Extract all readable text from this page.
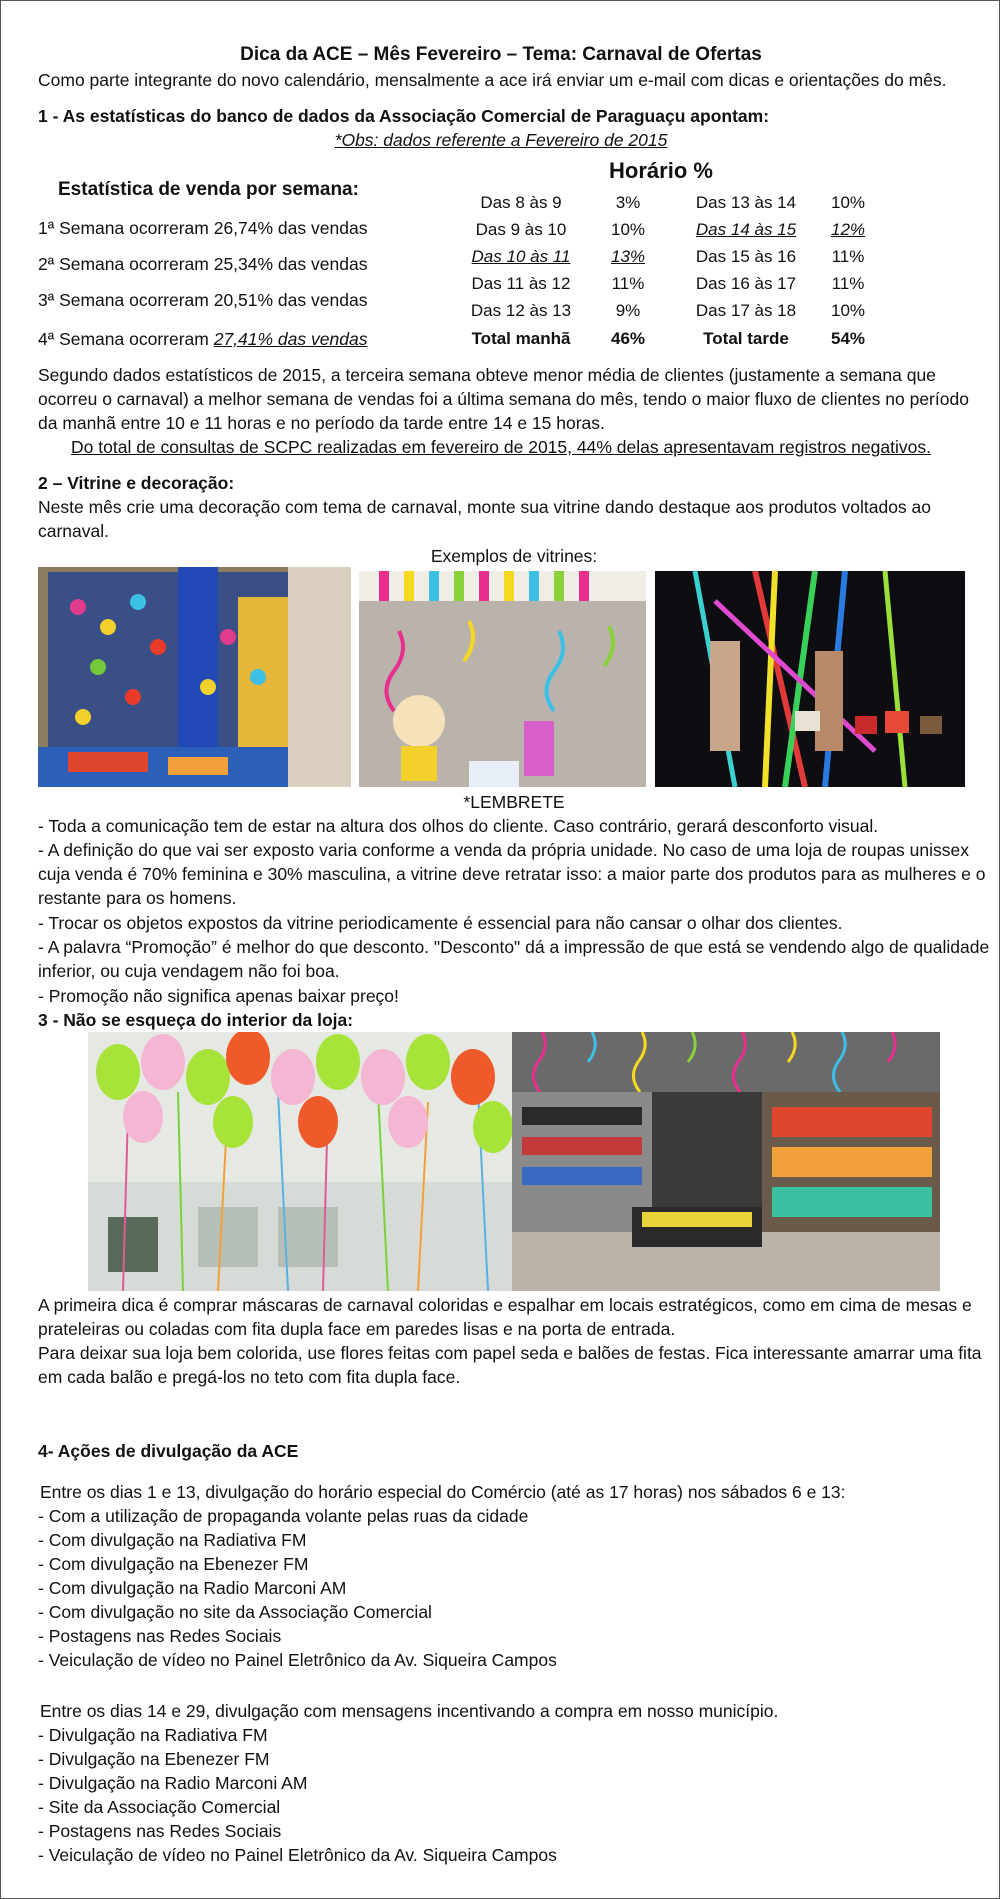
Dica da ACE – Mês Fevereiro – Tema: Carnaval de Ofertas
Como parte integrante do novo calendário, mensalmente a ace irá enviar um e-mail com dicas e orientações do mês.
1 - As estatísticas do banco de dados da Associação Comercial de Paraguaçu apontam:
*Obs: dados referente a Fevereiro de 2015
Estatística de venda por semana:
1ª Semana ocorreram 26,74% das vendas
2ª Semana ocorreram 25,34% das vendas
3ª Semana ocorreram 20,51% das vendas
4ª Semana ocorreram 27,41% das vendas
Horário %
Das 8 às 9	3%
Das 9 às 10	10%
Das 10 às 11	13%
Das 11 às 12	11%
Das 12 às 13	9%
Total manhã	46%
Das 13 às 14	10%
Das 14 às 15	12%
Das 15 às 16	11%
Das 16 às 17	11%
Das 17 às 18	10%
Total tarde	54%
Segundo dados estatísticos de 2015, a terceira semana obteve menor média de clientes (justamente a semana que ocorreu o carnaval) a melhor semana de vendas foi a última semana do mês, tendo o maior fluxo de clientes no período da manhã entre 10 e 11 horas e no período da tarde entre 14 e 15 horas.
Do total de consultas de SCPC realizadas em fevereiro de 2015, 44% delas apresentavam registros negativos.
2 – Vitrine e decoração:
Neste mês crie uma decoração com tema de carnaval, monte sua vitrine dando destaque aos produtos voltados ao carnaval.
Exemplos de vitrines:
*LEMBRETE
- Toda a comunicação tem de estar na altura dos olhos do cliente. Caso contrário, gerará desconforto visual.
- A definição do que vai ser exposto varia conforme a venda da própria unidade. No caso de uma loja de roupas unissex cuja venda é 70% feminina e 30% masculina, a vitrine deve retratar isso: a maior parte dos produtos para as mulheres e o restante para os homens.
- Trocar os objetos expostos da vitrine periodicamente é essencial para não cansar o olhar dos clientes.
- A palavra “Promoção” é melhor do que desconto. "Desconto" dá a impressão de que está se vendendo algo de qualidade inferior, ou cuja vendagem não foi boa.
- Promoção não significa apenas baixar preço!
3 - Não se esqueça do interior da loja:
A primeira dica é comprar máscaras de carnaval coloridas e espalhar em locais estratégicos, como em cima de mesas e prateleiras ou coladas com fita dupla face em paredes lisas e na porta de entrada.
Para deixar sua loja bem colorida, use flores feitas com papel seda e balões de festas. Fica interessante amarrar uma fita em cada balão e pregá-los no teto com fita dupla face.
4- Ações de divulgação da ACE
Entre os dias 1 e 13, divulgação do horário especial do Comércio (até as 17 horas) nos sábados 6 e 13:
- Com a utilização de propaganda volante pelas ruas da cidade
- Com divulgação na Radiativa FM
- Com divulgação na Ebenezer FM
- Com divulgação na Radio Marconi AM
- Com divulgação no site da Associação Comercial
- Postagens nas Redes Sociais
- Veiculação de vídeo no Painel Eletrônico da Av. Siqueira Campos
Entre os dias 14 e 29, divulgação com mensagens incentivando a compra em nosso município.
- Divulgação na Radiativa FM
- Divulgação na Ebenezer FM
- Divulgação na Radio Marconi AM
- Site da Associação Comercial
- Postagens nas Redes Sociais
- Veiculação de vídeo no Painel Eletrônico da Av. Siqueira Campos
